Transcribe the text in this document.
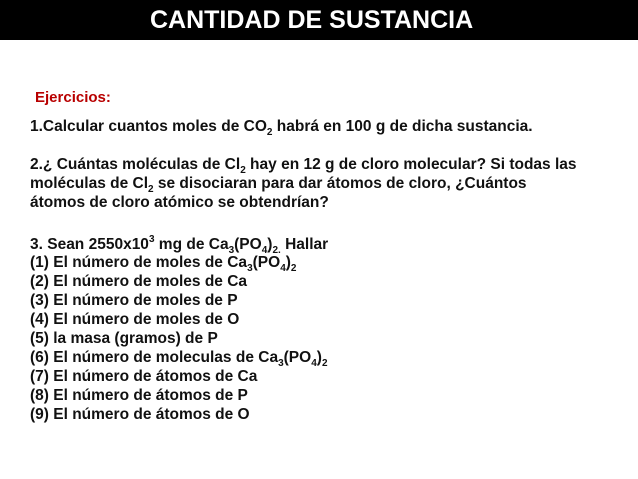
CANTIDAD DE SUSTANCIA
Ejercicios:
1.Calcular cuantos moles de $CO_2$ habrá en 100 g de dicha sustancia.
2.¿ Cuántas moléculas de $Cl_2$ hay en 12 g de cloro molecular? Si todas las
moléculas de $Cl_2$ se disociaran para dar átomos de cloro, ¿Cuántos
átomos de cloro atómico se obtendrían?
3. Sean $2550x10^3$ mg de $Ca_3(PO_4)_{2.}$ Hallar
(1) El número de moles de $Ca_3(PO_4)_2$
(2) El número de moles de Ca
(3) El número de moles de P
(4) El número de moles de O
(5) la masa (gramos) de P
(6) El número de moleculas de $Ca_3(PO_4)_2$
(7) El número de átomos de Ca
(8) El número de átomos de P
(9) El número de átomos de O
